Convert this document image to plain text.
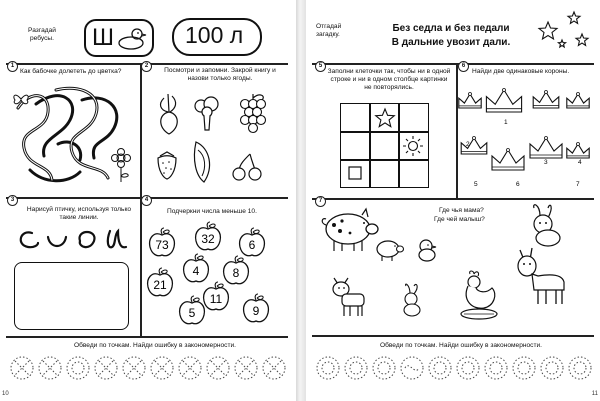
Разгадай ребусы.	Ш	100 л
1
Как бабочке долететь до цветка?
2
Посмотри и запомни. Закрой книгу и назови только ягоды.
3
Нарисуй птичку, используя только такие линии.
4
Подчеркни числа меньше 10.
73	32	6
4	8
21
5
11
9
Обведи по точкам. Найди ошибку в закономерности.
10
Отгадай загадку.
Без седла и без педали
В дальние увозит дали.
5
Заполни клеточки так, чтобы ни в одной строке и ни в одном столбце картинки не повторялись.
6
Найди две одинаковые короны.
1
2
3	4
5	6	7
7
Где чья мама?
Где чей малыш?
Обведи по точкам. Найди ошибку в закономерности.
11
